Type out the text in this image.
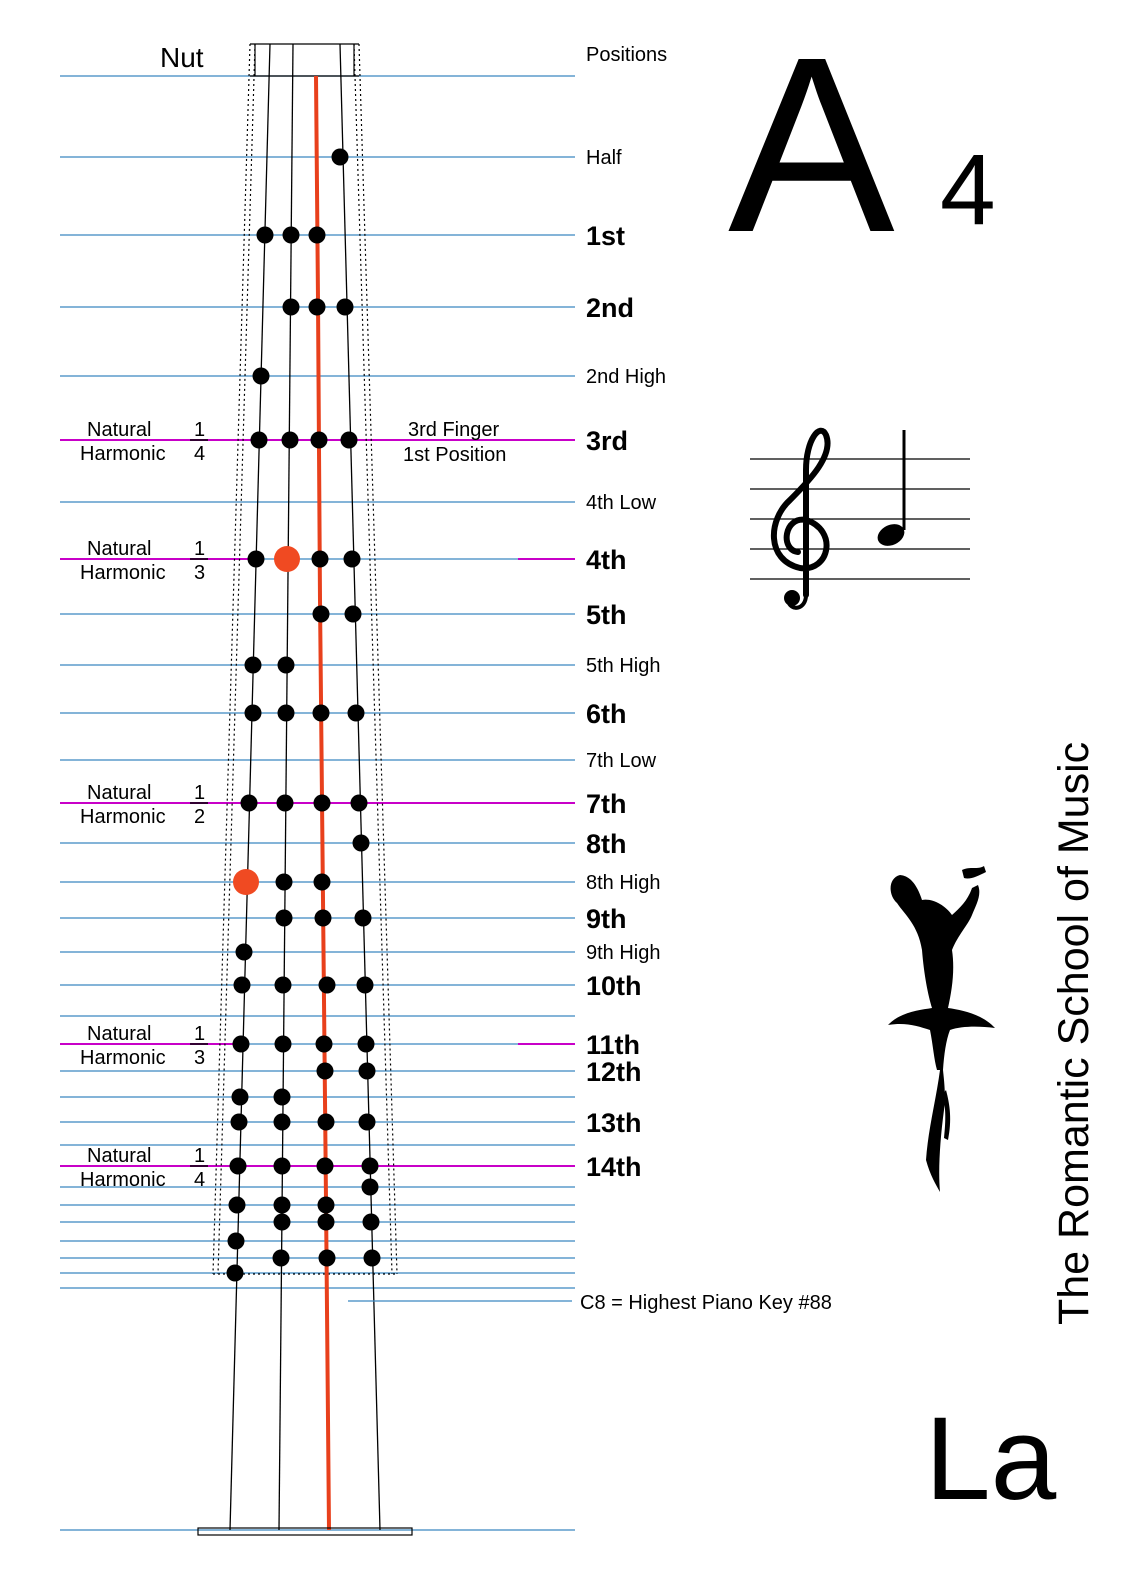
Nut	Positions
Half
1st
2nd
2nd High
3rd
4th Low
4th
5th
5th High
6th
7th Low
7th
8th
8th High
9th
9th High
10th
11th
12th
13th
14th
Natural
Harmonic
1
4
Natural
Harmonic
1
3
Natural
Harmonic
1
2
Natural
Harmonic
1
3
Natural
Harmonic
1
4
3rd Finger
1st Position
C8 = Highest Piano Key #88
A 4
La
The Romantic School of Music
